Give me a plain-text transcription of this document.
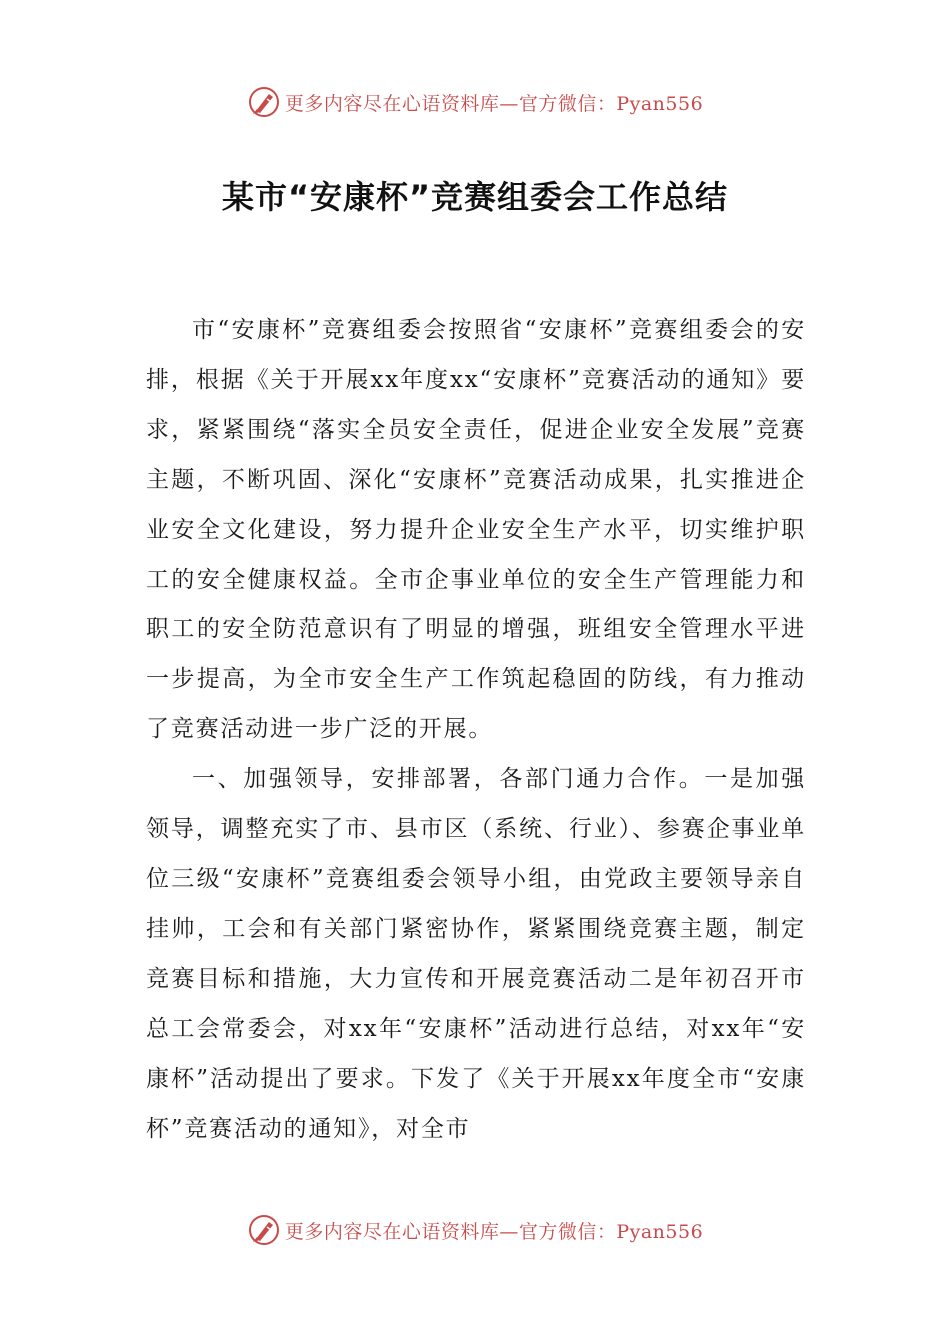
更多内容尽在心语资料库—官方微信：Pyan556
某市“安康杯”竞赛组委会工作总结

市“安康杯”竞赛组委会按照省“安康杯”竞赛组委会的安排，根据《关于开展xx年度xx“安康杯”竞赛活动的通知》要求，紧紧围绕“落实全员安全责任，促进企业安全发展”竞赛主题，不断巩固、深化“安康杯”竞赛活动成果，扎实推进企业安全文化建设，努力提升企业安全生产水平，切实维护职工的安全健康权益。全市企事业单位的安全生产管理能力和职工的安全防范意识有了明显的增强，班组安全管理水平进一步提高，为全市安全生产工作筑起稳固的防线，有力推动了竞赛活动进一步广泛的开展。

一、加强领导，安排部署，各部门通力合作。一是加强领导，调整充实了市、县市区（系统、行业）、参赛企事业单位三级“安康杯”竞赛组委会领导小组，由党政主要领导亲自挂帅，工会和有关部门紧密协作，紧紧围绕竞赛主题，制定竞赛目标和措施，大力宣传和开展竞赛活动二是年初召开市总工会常委会，对xx年“安康杯”活动进行总结，对xx年“安康杯”活动提出了要求。下发了《关于开展xx年度全市“安康杯”竞赛活动的通知》，对全市

更多内容尽在心语资料库—官方微信：Pyan556
